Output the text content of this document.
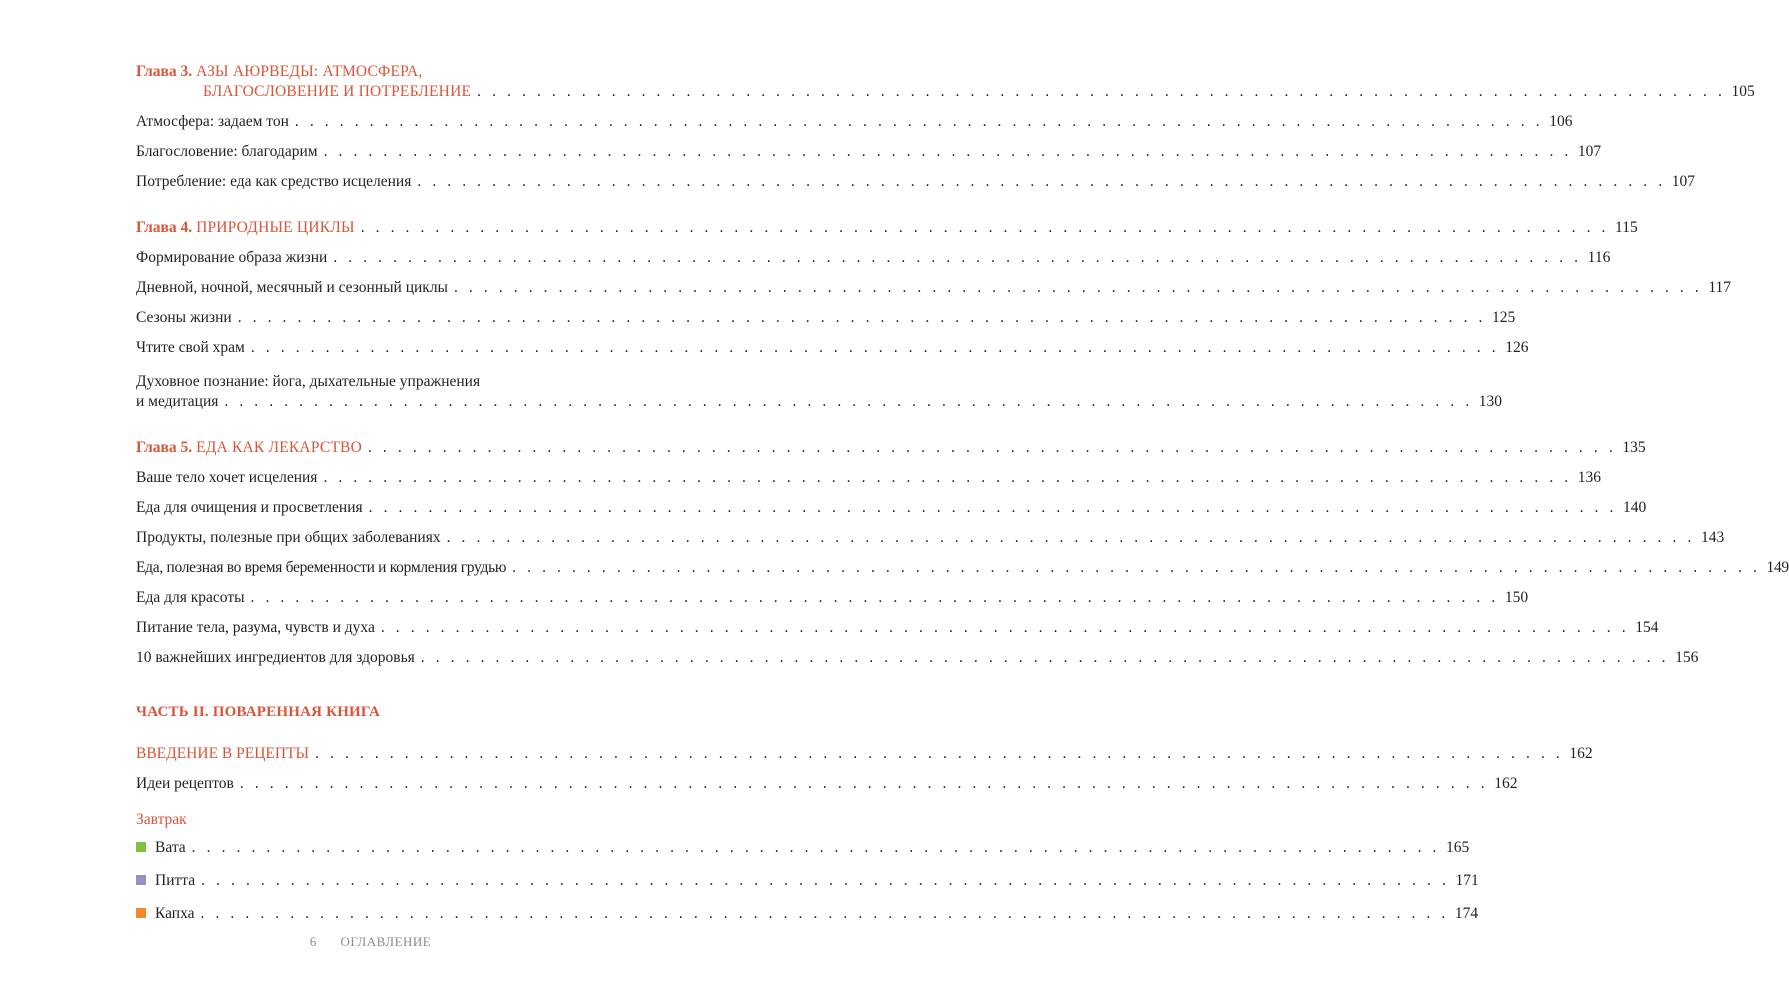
Глава 3. АЗЫ АЮРВЕДЫ: АТМОСФЕРА,
БЛАГОСЛОВЕНИЕ И ПОТРЕБЛЕНИЕ . . . . . . . . . . . . . . . . . . . . . . . . . . . . . . . . . . . . . . . . . . . . . . . . . . . . . . . . . . . . . . . . . . . . . . . . . . . . . . . . . . . . 105
Атмосфера: задаем тон . . . . . . . . . . . . . . . . . . . . . . . . . . . . . . . . . . . . . . . . . . . . . . . . . . . . . . . . . . . . . . . . . . . . . . . . . . . . . . . . . . . . 106
Благословение: благодарим . . . . . . . . . . . . . . . . . . . . . . . . . . . . . . . . . . . . . . . . . . . . . . . . . . . . . . . . . . . . . . . . . . . . . . . . . . . . . . . . . . . . 107
Потребление: еда как средство исцеления . . . . . . . . . . . . . . . . . . . . . . . . . . . . . . . . . . . . . . . . . . . . . . . . . . . . . . . . . . . . . . . . . . . . . . . . . . . . . . . . . . . . 107
Глава 4. ПРИРОДНЫЕ ЦИКЛЫ . . . . . . . . . . . . . . . . . . . . . . . . . . . . . . . . . . . . . . . . . . . . . . . . . . . . . . . . . . . . . . . . . . . . . . . . . . . . . . . . . . . . 115
Формирование образа жизни . . . . . . . . . . . . . . . . . . . . . . . . . . . . . . . . . . . . . . . . . . . . . . . . . . . . . . . . . . . . . . . . . . . . . . . . . . . . . . . . . . . . 116
Дневной, ночной, месячный и сезонный циклы . . . . . . . . . . . . . . . . . . . . . . . . . . . . . . . . . . . . . . . . . . . . . . . . . . . . . . . . . . . . . . . . . . . . . . . . . . . . . . . . . . . . 117
Сезоны жизни . . . . . . . . . . . . . . . . . . . . . . . . . . . . . . . . . . . . . . . . . . . . . . . . . . . . . . . . . . . . . . . . . . . . . . . . . . . . . . . . . . . . 125
Чтите свой храм . . . . . . . . . . . . . . . . . . . . . . . . . . . . . . . . . . . . . . . . . . . . . . . . . . . . . . . . . . . . . . . . . . . . . . . . . . . . . . . . . . . . 126
Духовное познание: йога, дыхательные упражнения
и медитация . . . . . . . . . . . . . . . . . . . . . . . . . . . . . . . . . . . . . . . . . . . . . . . . . . . . . . . . . . . . . . . . . . . . . . . . . . . . . . . . . . . . 130
Глава 5. ЕДА КАК ЛЕКАРСТВО . . . . . . . . . . . . . . . . . . . . . . . . . . . . . . . . . . . . . . . . . . . . . . . . . . . . . . . . . . . . . . . . . . . . . . . . . . . . . . . . . . . . 135
Ваше тело хочет исцеления . . . . . . . . . . . . . . . . . . . . . . . . . . . . . . . . . . . . . . . . . . . . . . . . . . . . . . . . . . . . . . . . . . . . . . . . . . . . . . . . . . . . 136
Еда для очищения и просветления . . . . . . . . . . . . . . . . . . . . . . . . . . . . . . . . . . . . . . . . . . . . . . . . . . . . . . . . . . . . . . . . . . . . . . . . . . . . . . . . . . . . 140
Продукты, полезные при общих заболеваниях . . . . . . . . . . . . . . . . . . . . . . . . . . . . . . . . . . . . . . . . . . . . . . . . . . . . . . . . . . . . . . . . . . . . . . . . . . . . . . . . . . . . 143
Еда, полезная во время беременности и кормления грудью . . . . . . . . . . . . . . . . . . . . . . . . . . . . . . . . . . . . . . . . . . . . . . . . . . . . . . . . . . . . . . . . . . . . . . . . . . . . . . . . . . . . 149
Еда для красоты . . . . . . . . . . . . . . . . . . . . . . . . . . . . . . . . . . . . . . . . . . . . . . . . . . . . . . . . . . . . . . . . . . . . . . . . . . . . . . . . . . . . 150
Питание тела, разума, чувств и духа . . . . . . . . . . . . . . . . . . . . . . . . . . . . . . . . . . . . . . . . . . . . . . . . . . . . . . . . . . . . . . . . . . . . . . . . . . . . . . . . . . . . 154
10 важнейших ингредиентов для здоровья . . . . . . . . . . . . . . . . . . . . . . . . . . . . . . . . . . . . . . . . . . . . . . . . . . . . . . . . . . . . . . . . . . . . . . . . . . . . . . . . . . . . 156
ЧАСТЬ II. ПОВАРЕННАЯ КНИГА
ВВЕДЕНИЕ В РЕЦЕПТЫ . . . . . . . . . . . . . . . . . . . . . . . . . . . . . . . . . . . . . . . . . . . . . . . . . . . . . . . . . . . . . . . . . . . . . . . . . . . . . . . . . . . . 162
Идеи рецептов . . . . . . . . . . . . . . . . . . . . . . . . . . . . . . . . . . . . . . . . . . . . . . . . . . . . . . . . . . . . . . . . . . . . . . . . . . . . . . . . . . . . 162
Завтрак
Вата . . . . . . . . . . . . . . . . . . . . . . . . . . . . . . . . . . . . . . . . . . . . . . . . . . . . . . . . . . . . . . . . . . . . . . . . . . . . . . . . . . . . 165
Питта . . . . . . . . . . . . . . . . . . . . . . . . . . . . . . . . . . . . . . . . . . . . . . . . . . . . . . . . . . . . . . . . . . . . . . . . . . . . . . . . . . . . 171
Капха . . . . . . . . . . . . . . . . . . . . . . . . . . . . . . . . . . . . . . . . . . . . . . . . . . . . . . . . . . . . . . . . . . . . . . . . . . . . . . . . . . . . 174
6 ОГЛАВЛЕНИЕ
